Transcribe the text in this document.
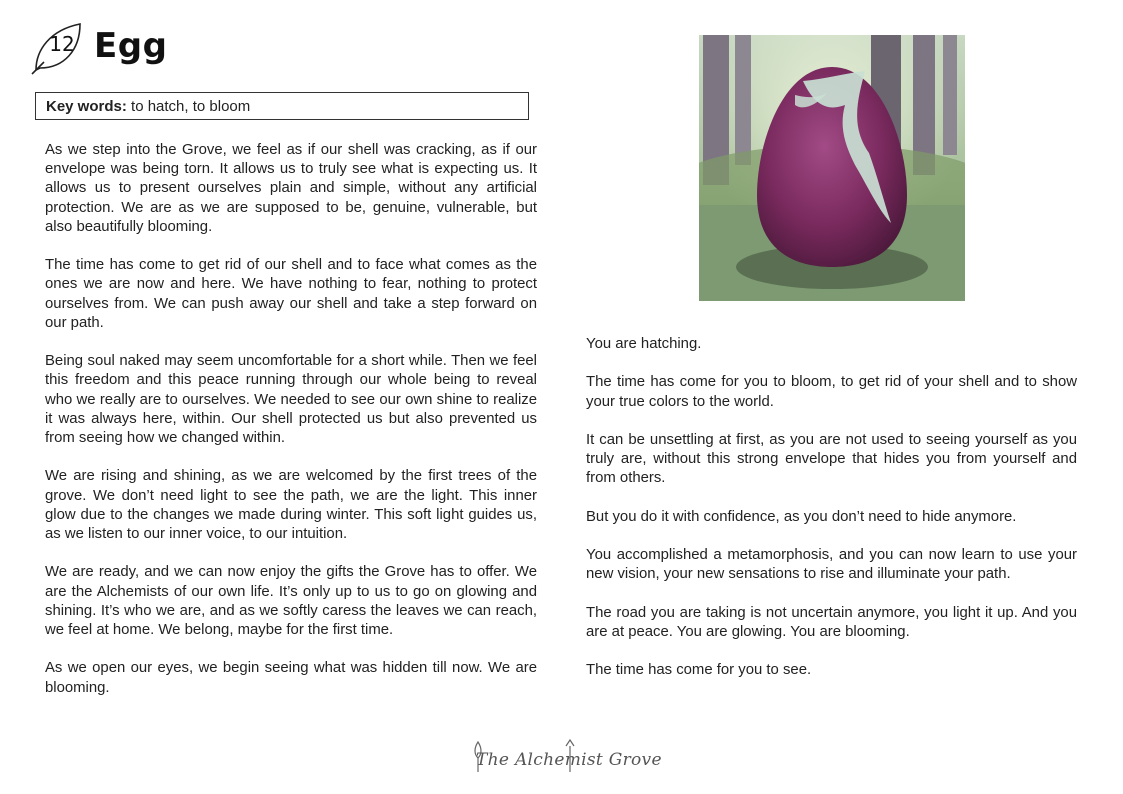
12 Egg
Key words: to hatch, to bloom

As we step into the Grove, we feel as if our shell was cracking, as if our envelope was being torn. It allows us to truly see what is expecting us. It allows us to present ourselves plain and simple, without any artificial protection. We are as we are supposed to be, genuine, vulnerable, but also beautifully blooming.

The time has come to get rid of our shell and to face what comes as the ones we are now and here. We have nothing to fear, nothing to protect ourselves from. We can push away our shell and take a step forward on our path.

Being soul naked may seem uncomfortable for a short while. Then we feel this freedom and this peace running through our whole being to reveal who we really are to ourselves. We needed to see our own shine to realize it was always here, within. Our shell protected us but also prevented us from seeing how we changed within.

We are rising and shining, as we are welcomed by the first trees of the grove. We don’t need light to see the path, we are the light. This inner glow due to the changes we made during winter. This soft light guides us, as we listen to our inner voice, to our intuition.

We are ready, and we can now enjoy the gifts the Grove has to offer. We are the Alchemists of our own life. It’s only up to us to go on glowing and shining. It’s who we are, and as we softly caress the leaves we can reach, we feel at home. We belong, maybe for the first time.

As we open our eyes, we begin seeing what was hidden till now. We are blooming.

You are hatching.

The time has come for you to bloom, to get rid of your shell and to show your true colors to the world.

It can be unsettling at first, as you are not used to seeing yourself as you truly are, without this strong envelope that hides you from yourself and from others.

But you do it with confidence, as you don’t need to hide anymore.

You accomplished a metamorphosis, and you can now learn to use your new vision, your new sensations to rise and illuminate your path.

The road you are taking is not uncertain anymore, you light it up. And you are at peace. You are glowing. You are blooming.

The time has come for you to see.

The Alchemist Grove
